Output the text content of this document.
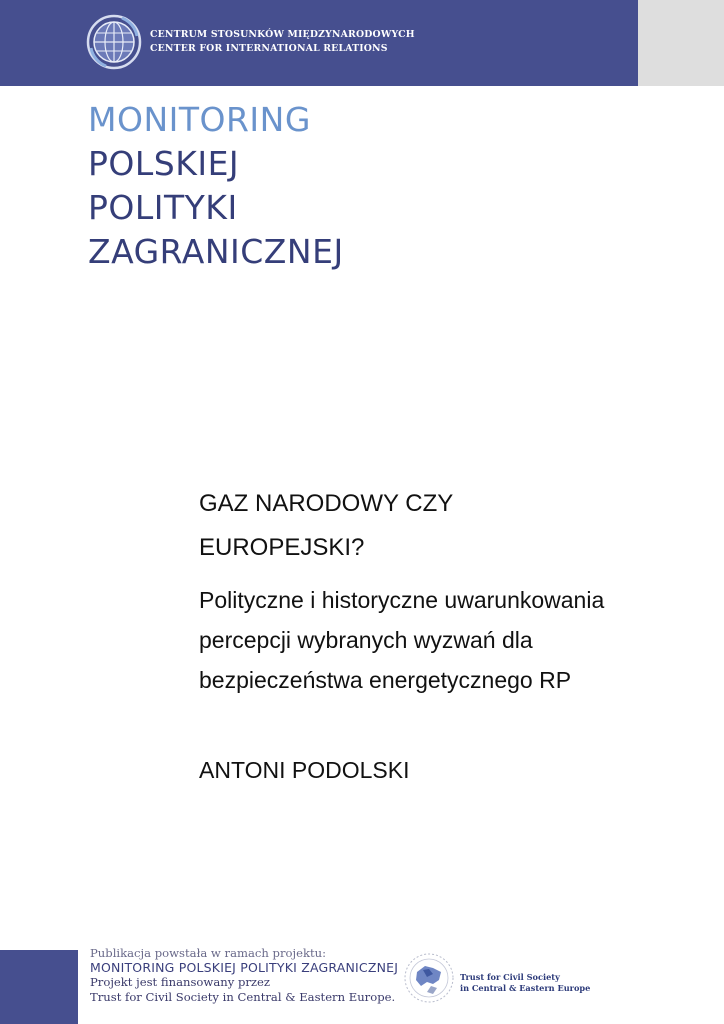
CENTRUM STOSUNKÓW MIĘDZYNARODOWYCH
CENTER FOR INTERNATIONAL RELATIONS
MONITORING
POLSKIEJ
POLITYKI
ZAGRANICZNEJ
GAZ NARODOWY CZY
EUROPEJSKI?
Polityczne i historyczne uwarunkowania
percepcji wybranych wyzwań dla
bezpieczeństwa energetycznego RP
ANTONI PODOLSKI
Publikacja powstała w ramach projektu:
MONITORING POLSKIEJ POLITYKI ZAGRANICZNEJ
Projekt jest finansowany przez
Trust for Civil Society in Central & Eastern Europe.
Trust for Civil Society
in Central & Eastern Europe
